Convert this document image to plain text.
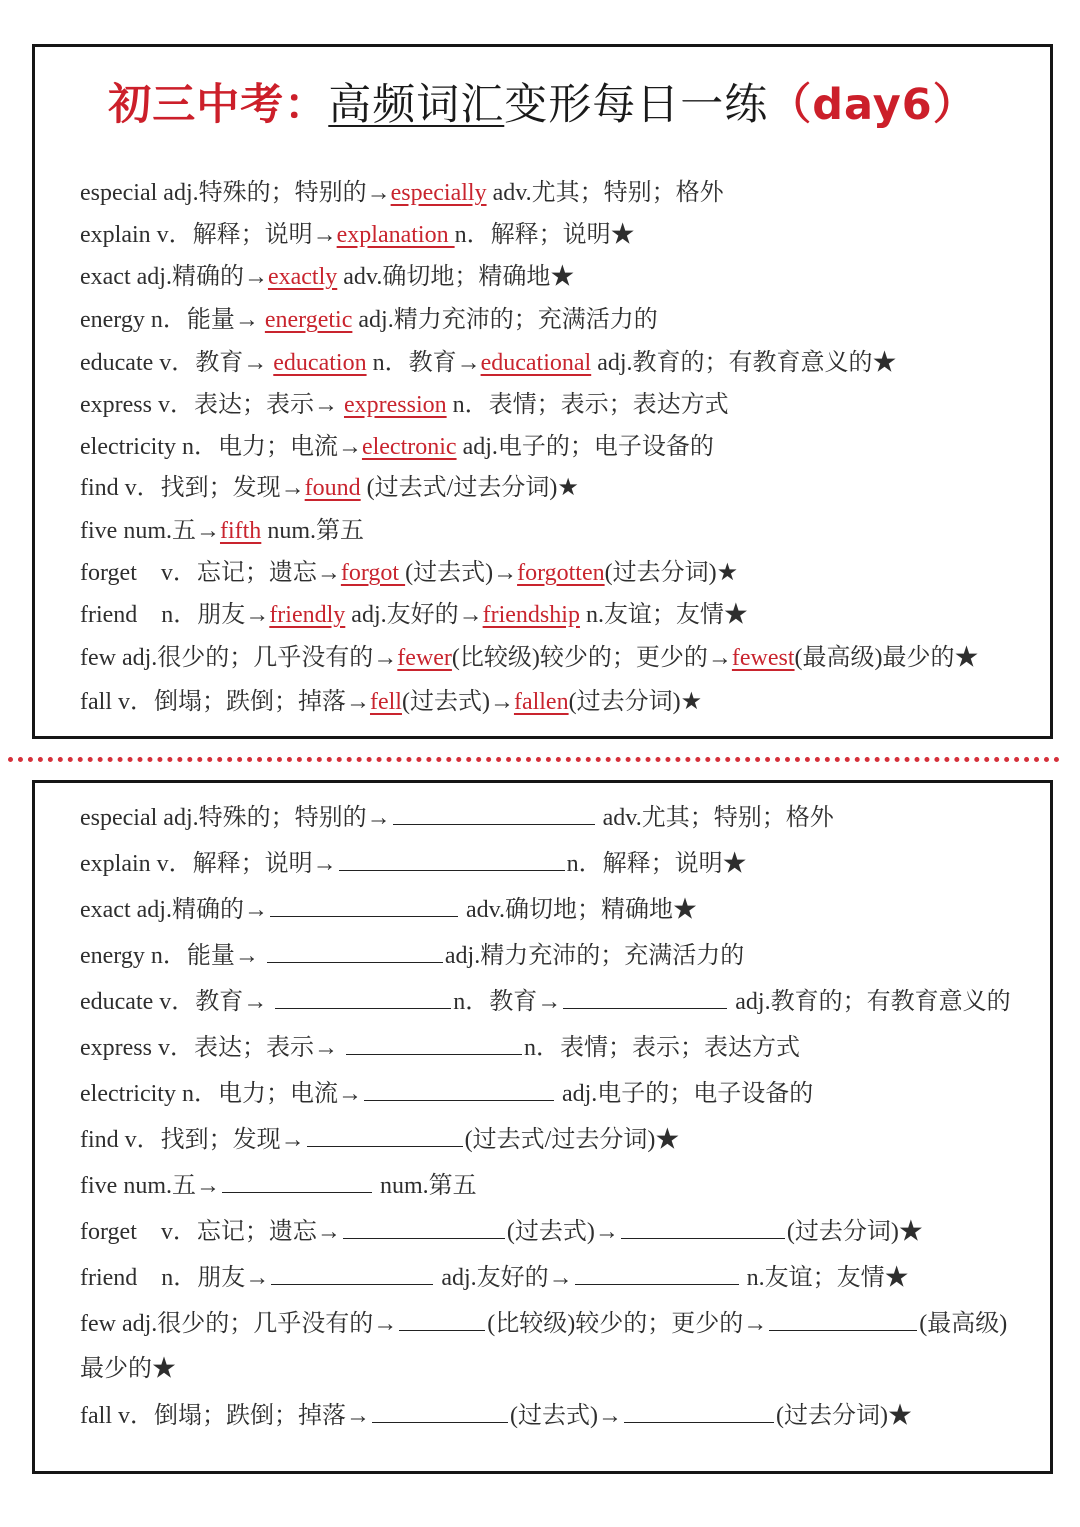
初三中考：高频词汇变形每日一练（day6）
especial adj.特殊的；特别的→especially adv.尤其；特别；格外
explain v．解释；说明→explanation n．解释；说明★
exact adj.精确的→exactly adv.确切地；精确地★
energy n．能量→ energetic adj.精力充沛的；充满活力的
educate v．教育→ education n．教育→educational adj.教育的；有教育意义的★
express v．表达；表示→ expression n．表情；表示；表达方式
electricity n．电力；电流→electronic adj.电子的；电子设备的
find v．找到；发现→found (过去式/过去分词)★
five num.五→fifth num.第五
forget　v．忘记；遗忘→forgot (过去式)→forgotten(过去分词)★
friend　n．朋友→friendly adj.友好的→friendship n.友谊；友情★
few adj.很少的；几乎没有的→fewer(比较级)较少的；更少的→fewest(最高级)最少的★
fall v．倒塌；跌倒；掉落→fell(过去式)→fallen(过去分词)★
especial adj.特殊的；特别的→	adv.尤其；特别；格外
explain v．解释；说明→	n．解释；说明★
exact adj.精确的→	adv.确切地；精确地★
energy n．能量→	adj.精力充沛的；充满活力的
educate v．教育→	n．教育→	adj.教育的；有教育意义的
express v．表达；表示→	n．表情；表示；表达方式
electricity n．电力；电流→	adj.电子的；电子设备的
find v．找到；发现→	(过去式/过去分词)★
five num.五→	num.第五
forget　v．忘记；遗忘→	(过去式)→	(过去分词)★
friend　n．朋友→	adj.友好的→	n.友谊；友情★
few adj.很少的；几乎没有的→	(比较级)较少的；更少的→	(最高级)
最少的★
fall v．倒塌；跌倒；掉落→	(过去式)→	(过去分词)★
